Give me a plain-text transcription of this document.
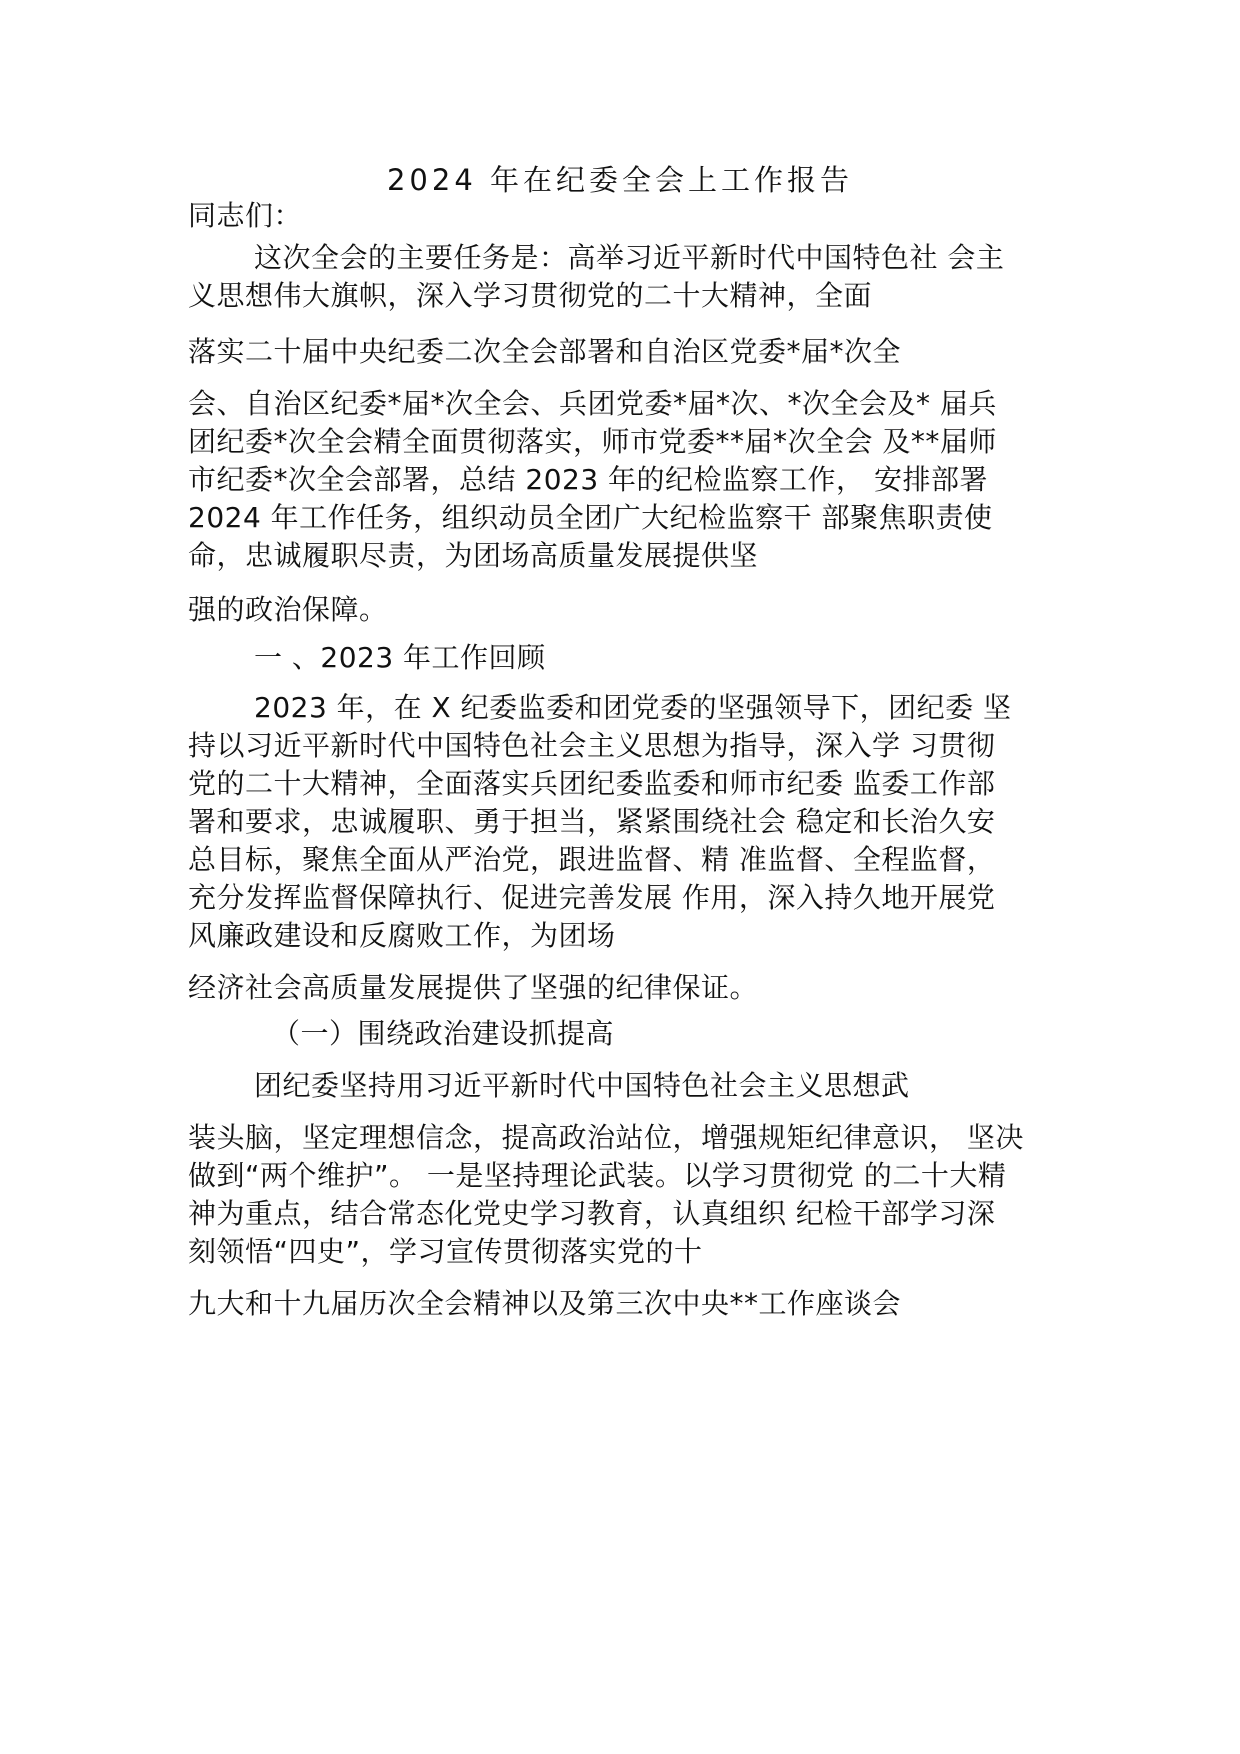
2024 年在纪委全会上工作报告
同志们：
这次全会的主要任务是：高举习近平新时代中国特色社 会主
义思想伟大旗帜，深入学习贯彻党的二十大精神，全面
落实二十届中央纪委二次全会部署和自治区党委*届*次全
会、自治区纪委*届*次全会、兵团党委*届*次、*次全会及* 届兵
团纪委*次全会精全面贯彻落实，师市党委**届*次全会 及**届师
市纪委*次全会部署，总结 2023 年的纪检监察工作， 安排部署
2024 年工作任务，组织动员全团广大纪检监察干 部聚焦职责使
命，忠诚履职尽责，为团场高质量发展提供坚
强的政治保障。
一 、2023 年工作回顾
2023 年，在 X 纪委监委和团党委的坚强领导下，团纪委 坚
持以习近平新时代中国特色社会主义思想为指导，深入学 习贯彻
党的二十大精神，全面落实兵团纪委监委和师市纪委 监委工作部
署和要求，忠诚履职、勇于担当，紧紧围绕社会 稳定和长治久安
总目标，聚焦全面从严治党，跟进监督、精 准监督、全程监督，
充分发挥监督保障执行、促进完善发展 作用，深入持久地开展党
风廉政建设和反腐败工作，为团场
经济社会高质量发展提供了坚强的纪律保证。
（一）围绕政治建设抓提高
团纪委坚持用习近平新时代中国特色社会主义思想武
装头脑，坚定理想信念，提高政治站位，增强规矩纪律意识， 坚决
做到“两个维护”。 一是坚持理论武装。以学习贯彻党 的二十大精
神为重点，结合常态化党史学习教育，认真组织 纪检干部学习深
刻领悟“四史”，学习宣传贯彻落实党的十
九大和十九届历次全会精神以及第三次中央**工作座谈会
